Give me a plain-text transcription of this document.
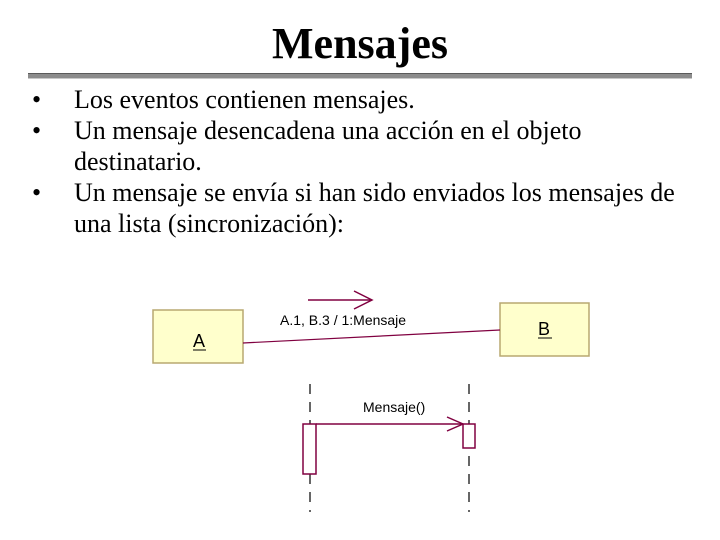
Mensajes
• Los eventos contienen mensajes.
• Un mensaje desencadena una acción en el objeto destinatario.
• Un mensaje se envía si han sido enviados los mensajes de una lista (sincronización):
A
B
A.1, B.3 / 1:Mensaje
Mensaje()
